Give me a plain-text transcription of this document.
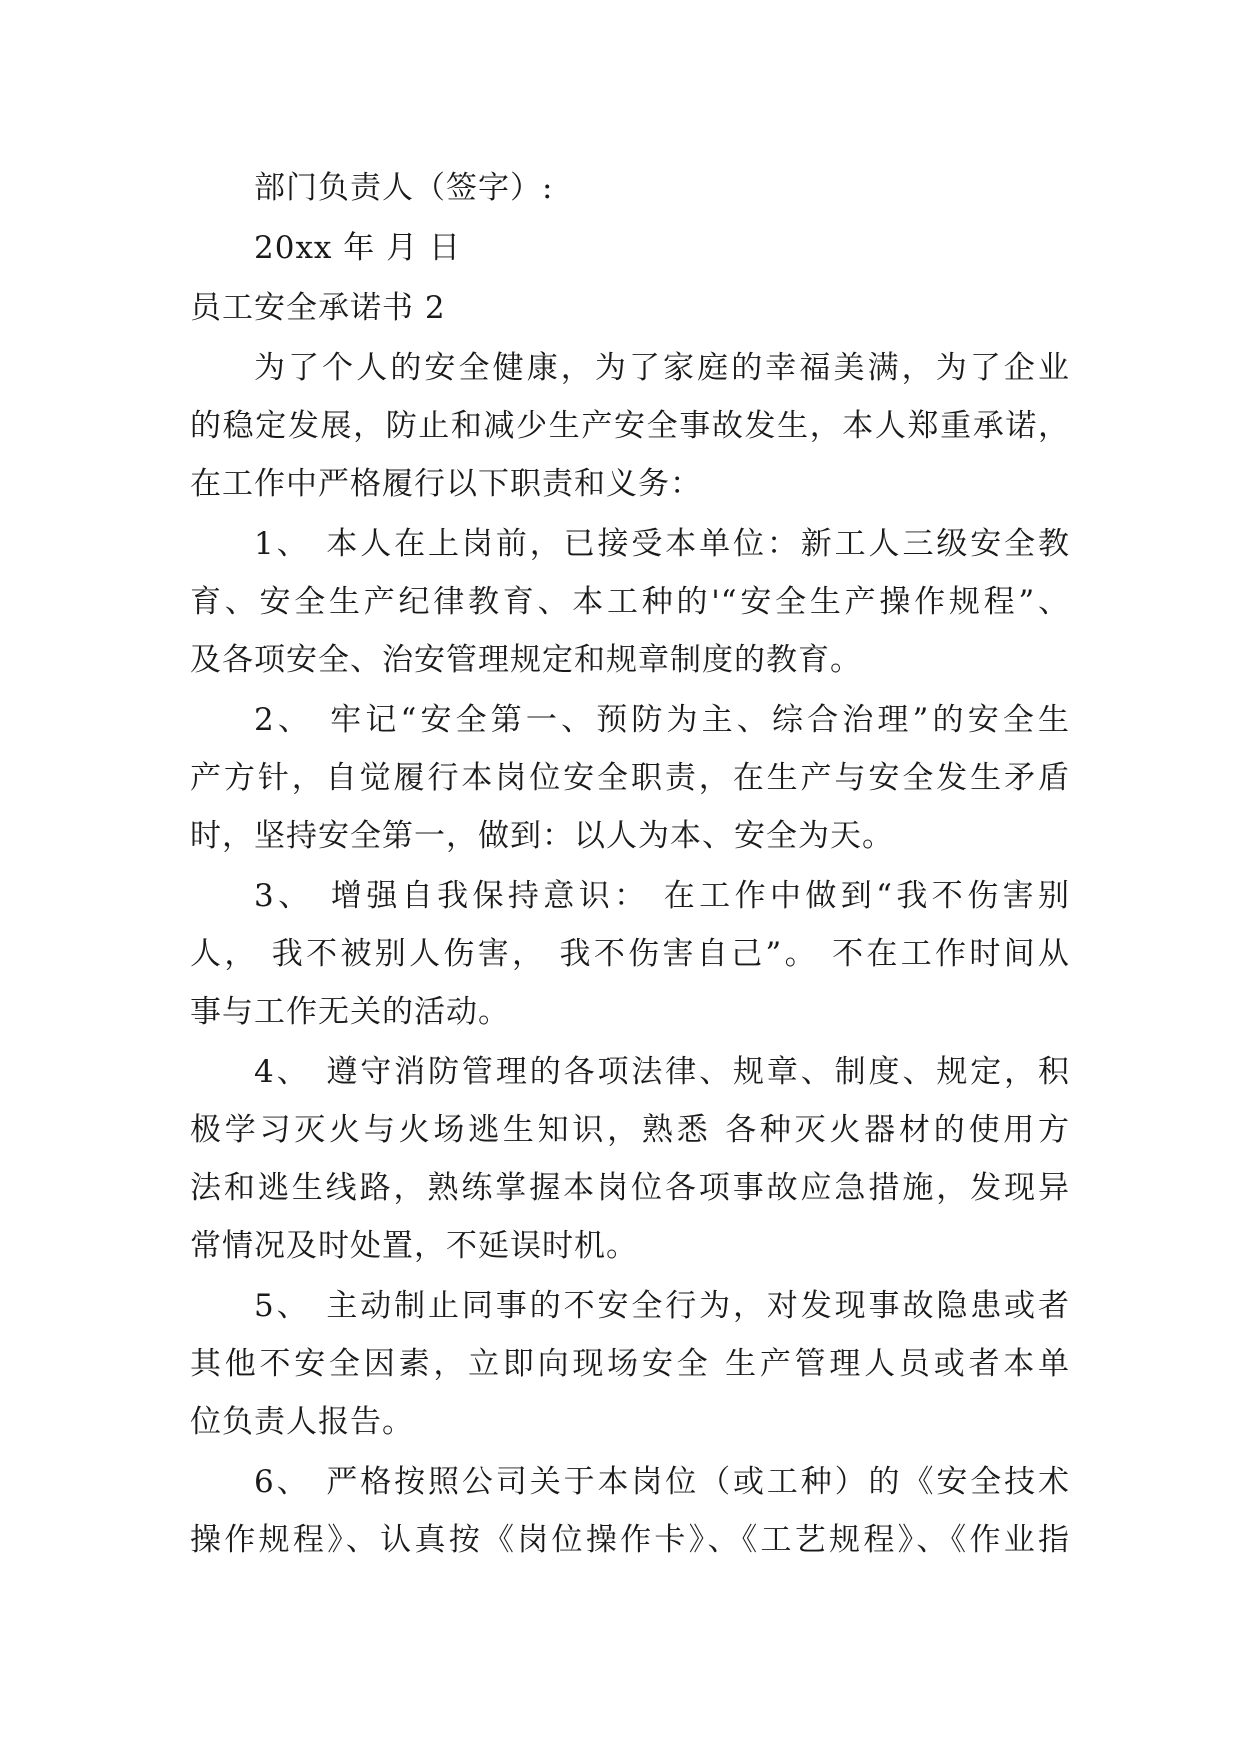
部门负责人（签字）:
20xx 年 月 日
员工安全承诺书 2
为了个人的安全健康，为了家庭的幸福美满，为了企业
的稳定发展，防止和减少生产安全事故发生，本人郑重承诺，
在工作中严格履行以下职责和义务：
1、 本人在上岗前，已接受本单位：新工人三级安全教
育、安全生产纪律教育、本工种的'“安全生产操作规程”、
及各项安全、治安管理规定和规章制度的教育。
2、 牢记“安全第一、预防为主、综合治理”的安全生
产方针，自觉履行本岗位安全职责，在生产与安全发生矛盾
时，坚持安全第一，做到：以人为本、安全为天。
3、 增强自我保持意识： 在工作中做到“我不伤害别
人， 我不被别人伤害， 我不伤害自己”。 不在工作时间从
事与工作无关的活动。
4、 遵守消防管理的各项法律、规章、制度、规定，积
极学习灭火与火场逃生知识，熟悉 各种灭火器材的使用方
法和逃生线路，熟练掌握本岗位各项事故应急措施，发现异
常情况及时处置，不延误时机。
5、 主动制止同事的不安全行为，对发现事故隐患或者
其他不安全因素，立即向现场安全 生产管理人员或者本单
位负责人报告。
6、 严格按照公司关于本岗位（或工种）的《安全技术
操作规程》、认真按《岗位操作卡》、《工艺规程》、《作业指
